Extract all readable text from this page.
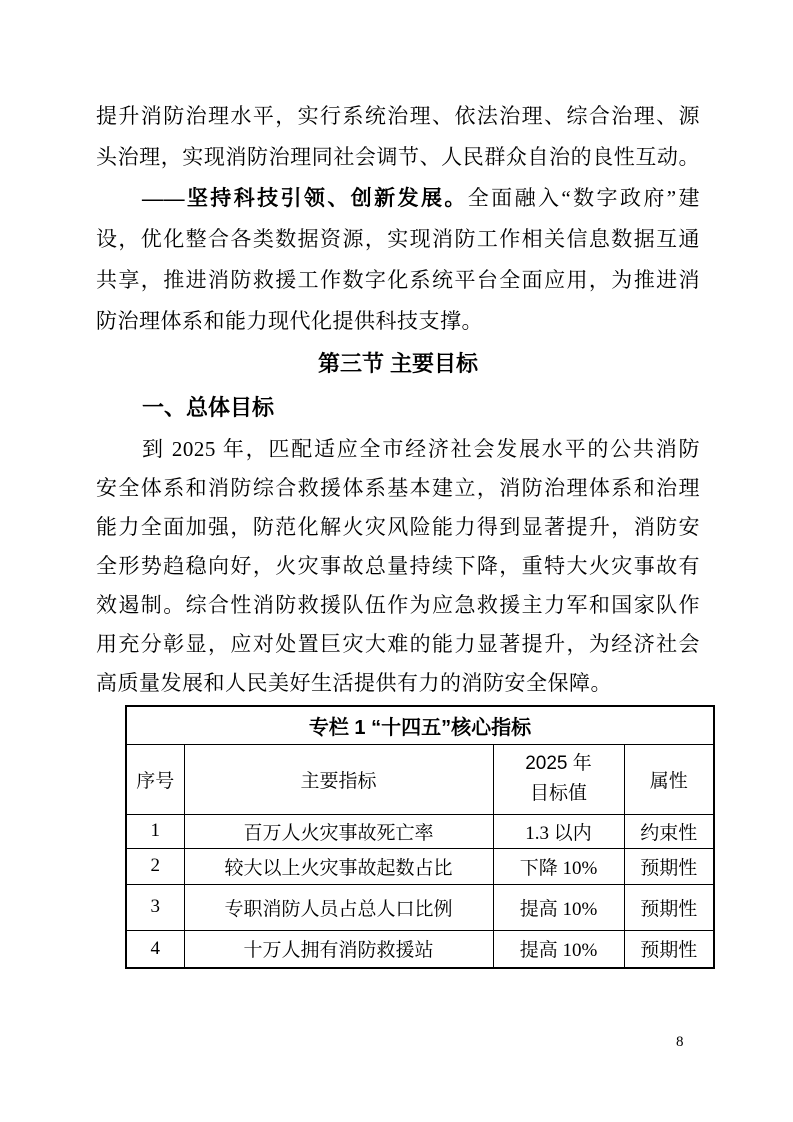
提升消防治理水平，实行系统治理、依法治理、综合治理、源
头治理，实现消防治理同社会调节、人民群众自治的良性互动。
——坚持科技引领、创新发展。全面融入“数字政府”建
设，优化整合各类数据资源，实现消防工作相关信息数据互通
共享，推进消防救援工作数字化系统平台全面应用，为推进消
防治理体系和能力现代化提供科技支撑。
第三节 主要目标
一、总体目标
到 2025 年，匹配适应全市经济社会发展水平的公共消防
安全体系和消防综合救援体系基本建立，消防治理体系和治理
能力全面加强，防范化解火灾风险能力得到显著提升，消防安
全形势趋稳向好，火灾事故总量持续下降，重特大火灾事故有
效遏制。综合性消防救援队伍作为应急救援主力军和国家队作
用充分彰显，应对处置巨灾大难的能力显著提升，为经济社会
高质量发展和人民美好生活提供有力的消防安全保障。
专栏 1 “十四五”核心指标			
序号	主要指标	2025 年
目标值	属性
1	百万人火灾事故死亡率	1.3 以内	约束性
2	较大以上火灾事故起数占比	下降 10%	预期性
3	专职消防人员占总人口比例	提高 10%	预期性
4	十万人拥有消防救援站	提高 10%	预期性
8
